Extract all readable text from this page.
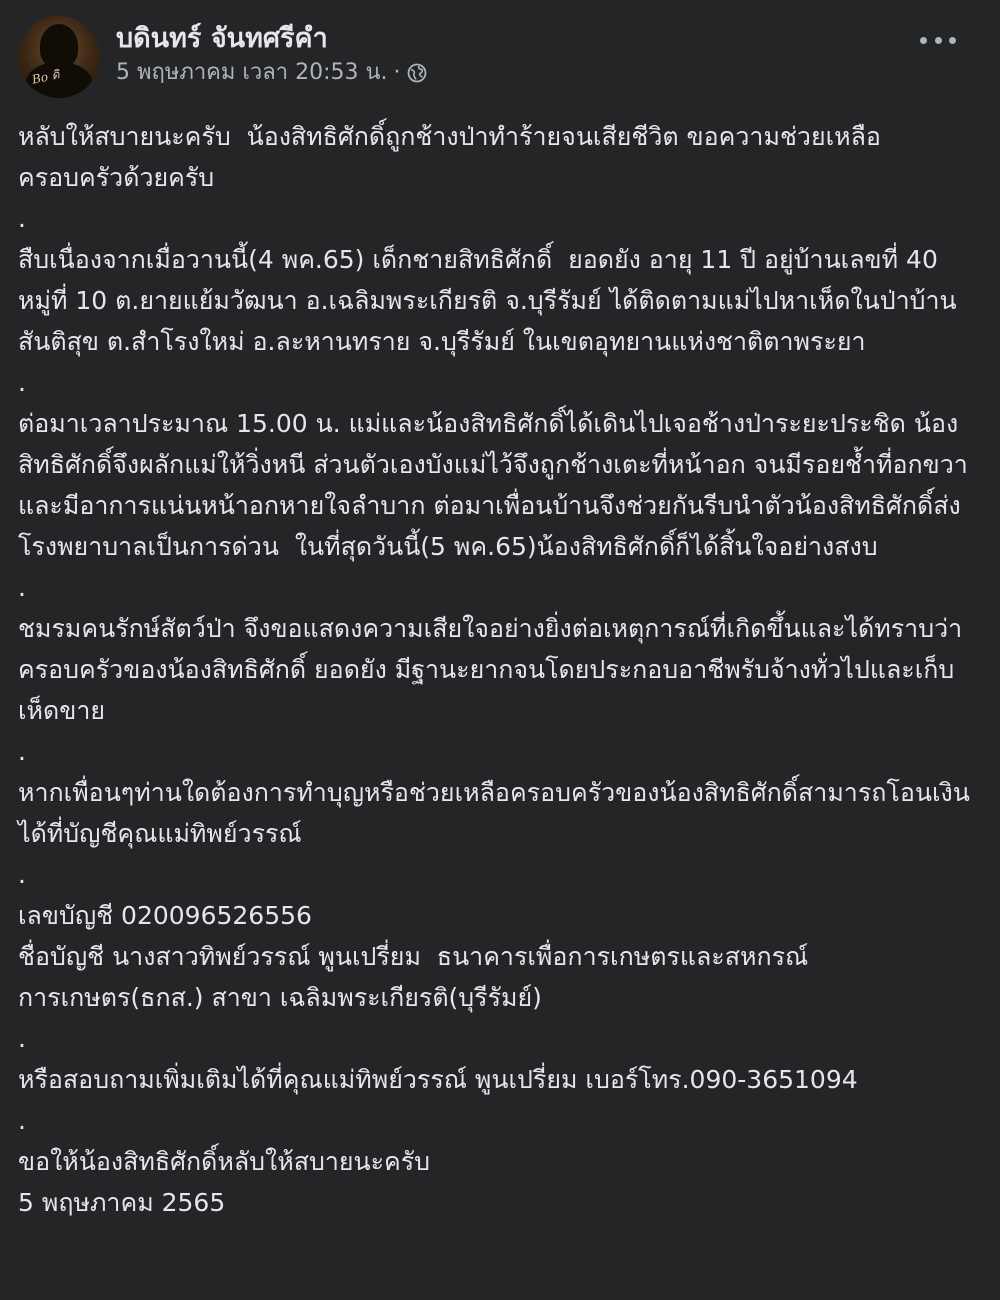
Bo ดิ
บดินทร์ จันทศรีคำ
5 พฤษภาคม เวลา 20:53 น. ·

หลับให้สบายนะครับ  น้องสิทธิศักดิ์ถูกช้างป่าทำร้ายจนเสียชีวิต ขอความช่วยเหลือครอบครัวด้วยครับ

.

สืบเนื่องจากเมื่อวานนี้(4 พค.65) เด็กชายสิทธิศักดิ์  ยอดยัง อายุ 11 ปี อยู่บ้านเลขที่ 40 หมู่ที่ 10 ต.ยายแย้มวัฒนา อ.เฉลิมพระเกียรติ จ.บุรีรัมย์ ได้ติดตามแม่ไปหาเห็ดในป่าบ้านสันติสุข ต.สำโรงใหม่ อ.ละหานทราย จ.บุรีรัมย์ ในเขตอุทยานแห่งชาติตาพระยา

.

ต่อมาเวลาประมาณ 15.00 น. แม่และน้องสิทธิศักดิ์ได้เดินไปเจอช้างป่าระยะประชิด น้องสิทธิศักดิ์จึงผลักแม่ให้วิ่งหนี ส่วนตัวเองบังแม่ไว้จึงถูกช้างเตะที่หน้าอก จนมีรอยช้ำที่อกขวา  และมีอาการแน่นหน้าอกหายใจลำบาก ต่อมาเพื่อนบ้านจึงช่วยกันรีบนำตัวน้องสิทธิศักดิ์ส่งโรงพยาบาลเป็นการด่วน  ในที่สุดวันนี้(5 พค.65)น้องสิทธิศักดิ์ก็ได้สิ้นใจอย่างสงบ

.

ชมรมคนรักษ์สัตว์ป่า จึงขอแสดงความเสียใจอย่างยิ่งต่อเหตุการณ์ที่เกิดขึ้นและได้ทราบว่าครอบครัวของน้องสิทธิศักดิ์ ยอดยัง มีฐานะยากจนโดยประกอบอาชีพรับจ้างทั่วไปและเก็บเห็ดขาย

.

หากเพื่อนๆท่านใดต้องการทำบุญหรือช่วยเหลือครอบครัวของน้องสิทธิศักดิ์สามารถโอนเงินได้ที่บัญชีคุณแม่ทิพย์วรรณ์

.

เลขบัญชี 020096526556
ชื่อบัญชี นางสาวทิพย์วรรณ์ พูนเปรี่ยม  ธนาคารเพื่อการเกษตรและสหกรณ์การเกษตร(ธกส.) สาขา เฉลิมพระเกียรติ(บุรีรัมย์)

.

หรือสอบถามเพิ่มเติมได้ที่คุณแม่ทิพย์วรรณ์ พูนเปรี่ยม เบอร์โทร.090-3651094

.

ขอให้น้องสิทธิศักดิ์หลับให้สบายนะครับ
5 พฤษภาคม 2565
